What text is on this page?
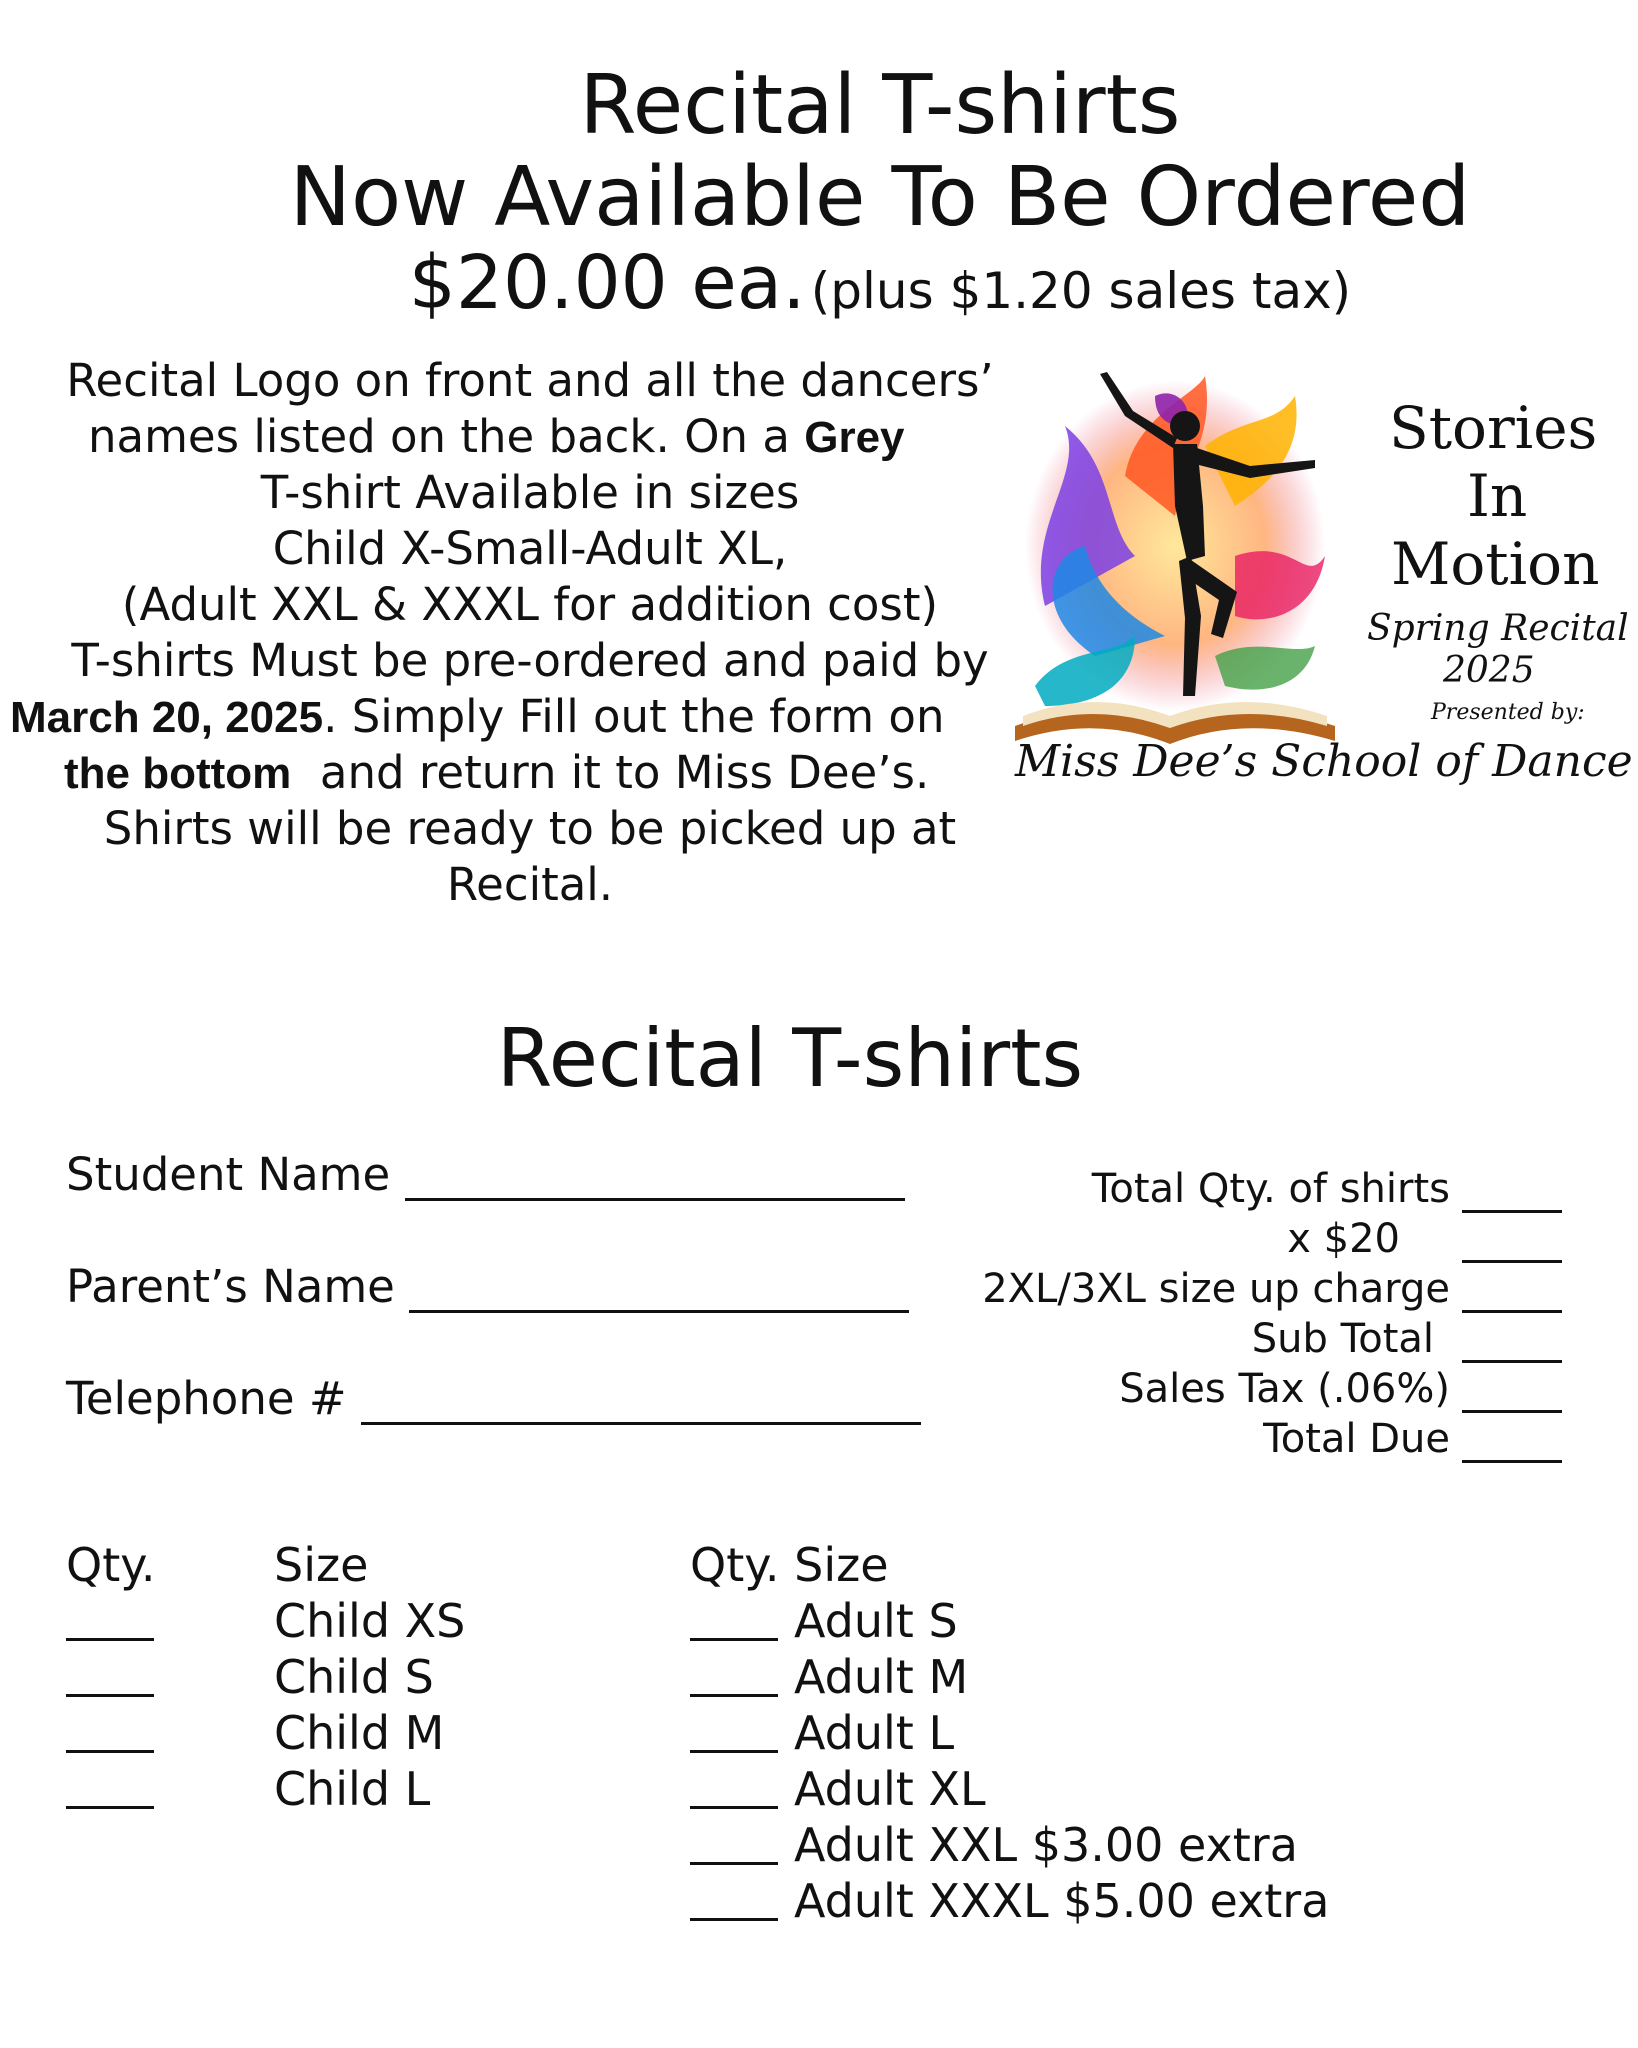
Recital T-shirts
Now Available To Be Ordered
$20.00 ea. (plus $1.20 sales tax)
Recital Logo on front and all the dancers’
names listed on the back. On a Grey
T-shirt Available in sizes
Child X-Small-Adult XL,
(Adult XXL & XXXL for addition cost)
T-shirts Must be pre-ordered and paid by
March 20, 2025. Simply Fill out the form on
the bottom and return it to Miss Dee’s.
Shirts will be ready to be picked up at
Recital.
Stories
In
Motion
Spring Recital
2025
Presented by:
Miss Dee’s School of Dance
Recital T-shirts
Student Name
Parent’s Name
Telephone #
Total Qty. of shirts
x $20
2XL/3XL size up charge
Sub Total
Sales Tax (.06%)
Total Due
Qty.	Size	Qty. Size
Child XS
Child S
Child M
Child L
Adult S
Adult M
Adult L
Adult XL
Adult XXL $3.00 extra
Adult XXXL $5.00 extra
